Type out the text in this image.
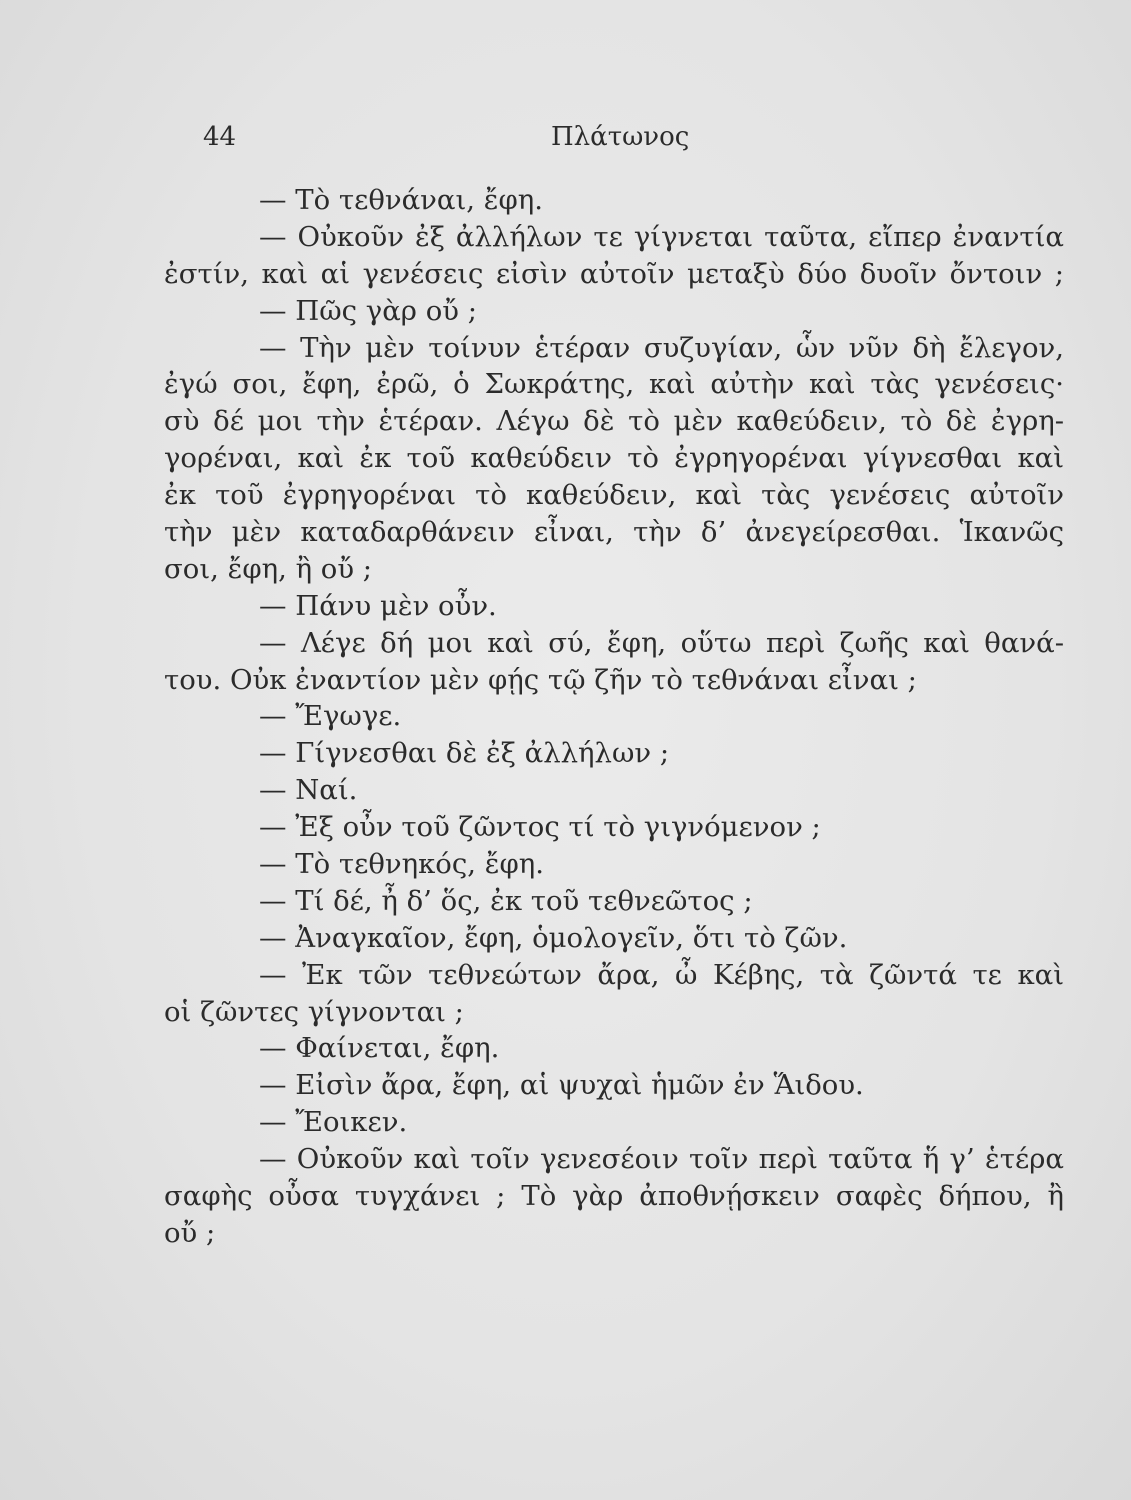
44	Πλάτωνος
— Τὸ τεθνάναι, ἔφη.
— Οὐκοῦν ἐξ ἀλλήλων τε γίγνεται ταῦτα, εἴπερ ἐναντία
ἐστίν, καὶ αἱ γενέσεις εἰσὶν αὐτοῖν μεταξὺ δύο δυοῖν ὄντοιν ;
— Πῶς γὰρ οὔ ;
— Τὴν μὲν τοίνυν ἑτέραν συζυγίαν, ὧν νῦν δὴ ἔλεγον,
ἐγώ σοι, ἔφη, ἐρῶ, ὁ Σωκράτης, καὶ αὐτὴν καὶ τὰς γενέσεις·
σὺ δέ μοι τὴν ἑτέραν. Λέγω δὲ τὸ μὲν καθεύδειν, τὸ δὲ ἐγρη-
γορέναι, καὶ ἐκ τοῦ καθεύδειν τὸ ἐγρηγορέναι γίγνεσθαι καὶ
ἐκ τοῦ ἐγρηγορέναι τὸ καθεύδειν, καὶ τὰς γενέσεις αὐτοῖν
τὴν μὲν καταδαρθάνειν εἶναι, τὴν δ’ ἀνεγείρεσθαι. Ἱκανῶς
σοι, ἔφη, ἢ οὔ ;
— Πάνυ μὲν οὖν.
— Λέγε δή μοι καὶ σύ, ἔφη, οὕτω περὶ ζωῆς καὶ θανά-
του. Οὐκ ἐναντίον μὲν φῄς τῷ ζῆν τὸ τεθνάναι εἶναι ;
— Ἔγωγε.
— Γίγνεσθαι δὲ ἐξ ἀλλήλων ;
— Ναί.
— Ἐξ οὖν τοῦ ζῶντος τί τὸ γιγνόμενον ;
— Τὸ τεθνηκός, ἔφη.
— Τί δέ, ἦ δ’ ὅς, ἐκ τοῦ τεθνεῶτος ;
— Ἀναγκαῖον, ἔφη, ὁμολογεῖν, ὅτι τὸ ζῶν.
— Ἐκ τῶν τεθνεώτων ἄρα, ὦ Κέβης, τὰ ζῶντά τε καὶ
οἱ ζῶντες γίγνονται ;
— Φαίνεται, ἔφη.
— Εἰσὶν ἄρα, ἔφη, αἱ ψυχαὶ ἡμῶν ἐν Ἅιδου.
— Ἔοικεν.
— Οὐκοῦν καὶ τοῖν γενεσέοιν τοῖν περὶ ταῦτα ἥ γ’ ἑτέρα
σαφὴς οὖσα τυγχάνει ; Τὸ γὰρ ἀποθνῄσκειν σαφὲς δήπου, ἢ
οὔ ;
